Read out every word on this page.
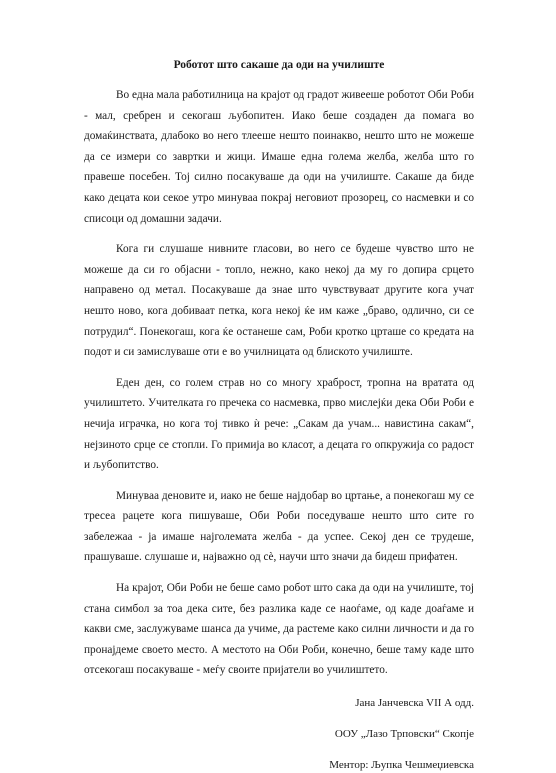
Роботот што сакаше да оди на училиште

Во една мала работилница на крајот од градот живееше роботот Оби Роби - мал, сребрен и секогаш љубопитен. Иако беше создаден да помага во домаќинствата, длабоко во него тлееше нешто поинакво, нешто што не можеше да се измери со завртки и жици. Имаше една голема желба, желба што го правеше посебен. Тој силно посакуваше да оди на училиште. Сакаше да биде како децата кои секое утро минуваа покрај неговиот прозорец, со насмевки и со списоци од домашни задачи.

Кога ги слушаше нивните гласови, во него се будеше чувство што не можеше да си го објасни - топло, нежно, како некој да му го допира срцето направено од метал. Посакуваше да знае што чувствуваат другите кога учат нешто ново, кога добиваат петка, кога некој ќе им каже „браво, одлично, си се потрудил“. Понекогаш, кога ќе останеше сам, Роби кротко црташе со кредата на подот и си замислуваше оти е во училницата од блиското училиште.

Еден ден, со голем страв но со многу храброст, тропна на вратата од училиштето. Учителката го пречека со насмевка, прво мислејќи дека Оби Роби е нечија играчка, но кога тој тивко ѝ рече: „Сакам да учам... навистина сакам“, нејзиното срце се стопли. Го примија во класот, а децата го опкружија со радост и љубопитство.

Минуваа деновите и, иако не беше најдобар во цртање, а понекогаш му се тресеа рацете кога пишуваше, Оби Роби поседуваше нешто што сите го забележаа - ја имаше најголемата желба - да успее. Секој ден се трудеше, прашуваше. слушаше и, најважно од сè, научи што значи да бидеш прифатен.

На крајот, Оби Роби не беше само робот што сака да оди на училиште, тој стана симбол за тоа дека сите, без разлика каде се наоѓаме, од каде доаѓаме и какви сме, заслужуваме шанса да учиме, да растеме како силни личности и да го пронајдеме своето место. А местото на Оби Роби, конечно, беше таму каде што отсекогаш посакуваше - меѓу своите пријатели во училиштето.

Јана Јанчевска VII А одд.
ООУ „Лазо Трповски“ Скопје
Ментор: Љупка Чешмеџиевска
